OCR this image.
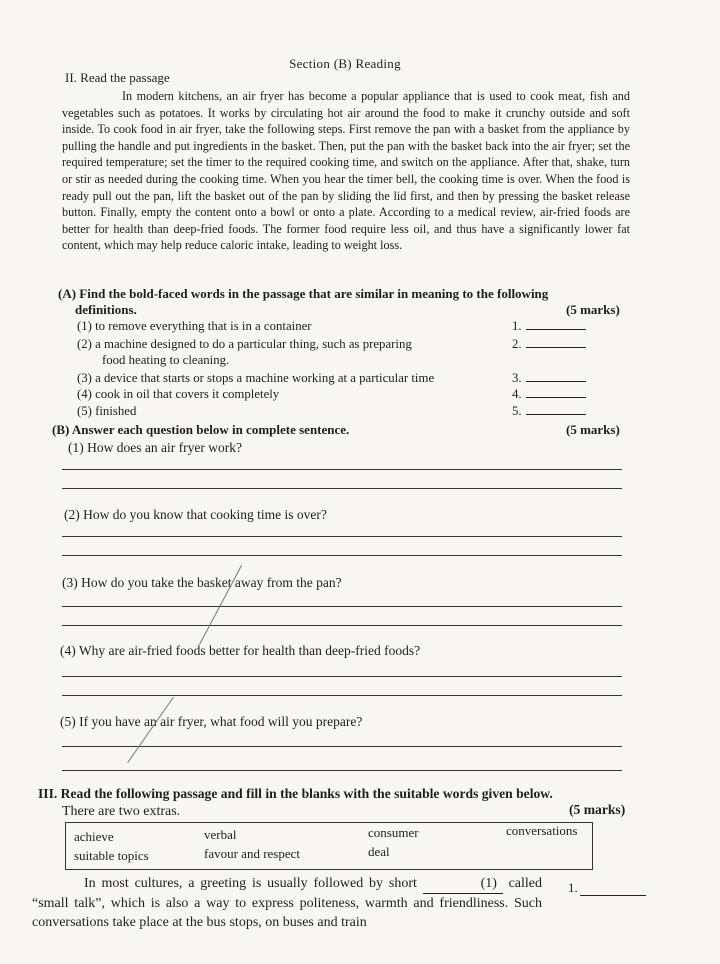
Section (B) Reading
II. Read the passage

In modern kitchens, an air fryer has become a popular appliance that is used to cook meat, fish and vegetables such as potatoes. It works by circulating hot air around the food to make it crunchy outside and soft inside. To cook food in air fryer, take the following steps. First remove the pan with a basket from the appliance by pulling the handle and put ingredients in the basket. Then, put the pan with the basket back into the air fryer; set the required temperature; set the timer to the required cooking time, and switch on the appliance. After that, shake, turn or stir as needed during the cooking time. When you hear the timer bell, the cooking time is over. When the food is ready pull out the pan, lift the basket out of the pan by sliding the lid first, and then by pressing the basket release button. Finally, empty the content onto a bowl or onto a plate. According to a medical review, air-fried foods are better for health than deep-fried foods. The former food require less oil, and thus have a significantly lower fat content, which may help reduce caloric intake, leading to weight loss.

(A) Find the bold-faced words in the passage that are similar in meaning to the following
definitions.	(5 marks)
(1) to remove everything that is in a container	1.
(2) a machine designed to do a particular thing, such as preparing	2.
food heating to cleaning.
(3) a device that starts or stops a machine working at a particular time	3.
(4) cook in oil that covers it completely	4.
(5) finished	5.
(B) Answer each question below in complete sentence.	(5 marks)
(1) How does an air fryer work?
(2) How do you know that cooking time is over?
(3) How do you take the basket away from the pan?
(4) Why are air-fried foods better for health than deep-fried foods?
(5) If you have an air fryer, what food will you prepare?
III. Read the following passage and fill in the blanks with the suitable words given below.
There are two extras.	(5 marks)
achieve	verbal	consumer	conversations
suitable topics	favour and respect	deal

In most cultures, a greeting is usually followed by short	(1) called “small talk”, which is also a way to express politeness, warmth and friendliness. Such conversations take place at the bus stops, on buses and train

1.
